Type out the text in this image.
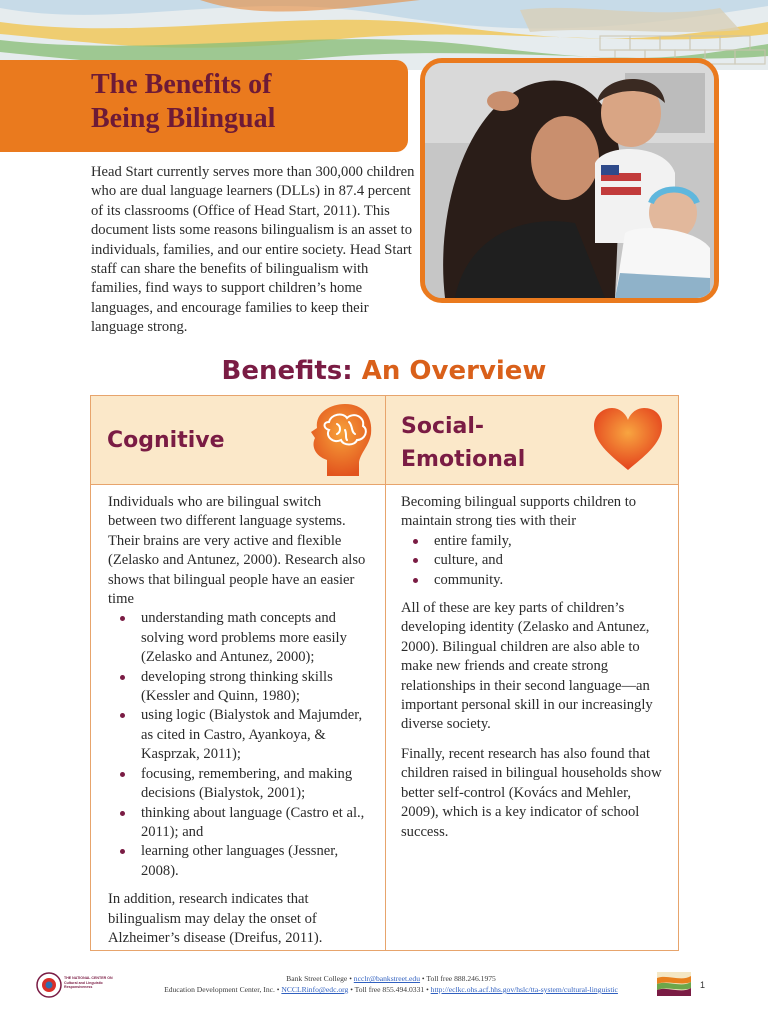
The Benefits of
Being Bilingual

Head Start currently serves more than 300,000 children who are dual language learners (DLLs) in 87.4 percent of its classrooms (Office of Head Start, 2011). This document lists some reasons bilingualism is an asset to individuals, families, and our entire society. Head Start staff can share the benefits of bilingualism with families, find ways to support children’s home languages, and encourage families to keep their language strong.

Benefits: An Overview
Cognitive

Individuals who are bilingual switch between two different language systems. Their brains are very active and flexible (Zelasko and Antunez, 2000). Research also shows that bilingual people have an easier time

understanding math concepts and solving word problems more easily (Zelasko and Antunez, 2000);
developing strong thinking skills (Kessler and Quinn, 1980);
using logic (Bialystok and Majumder, as cited in Castro, Ayankoya, & Kasprzak, 2011);
focusing, remembering, and making decisions (Bialystok, 2001);
thinking about language (Castro et al., 2011); and
learning other languages (Jessner, 2008).

In addition, research indicates that bilingualism may delay the onset of Alzheimer’s disease (Dreifus, 2011).

Social-Emotional

Becoming bilingual supports children to maintain strong ties with their

entire family,
culture, and
community.

All of these are key parts of children’s developing identity (Zelasko and Antunez, 2000). Bilingual children are also able to make new friends and create strong relationships in their second language—an important personal skill in our increasingly diverse society.

Finally, recent research has also found that children raised in bilingual households show better self-control (Kovács and Mehler, 2009), which is a key indicator of school success.

THE NATIONAL CENTER ON Cultural and Linguistic Responsiveness
Bank Street College • ncclr@bankstreet.edu • Toll free 888.246.1975
Education Development Center, Inc. • NCCLRinfo@edc.org • Toll free 855.494.0331 • http://eclkc.ohs.acf.hhs.gov/hslc/tta-system/cultural-linguistic	1
